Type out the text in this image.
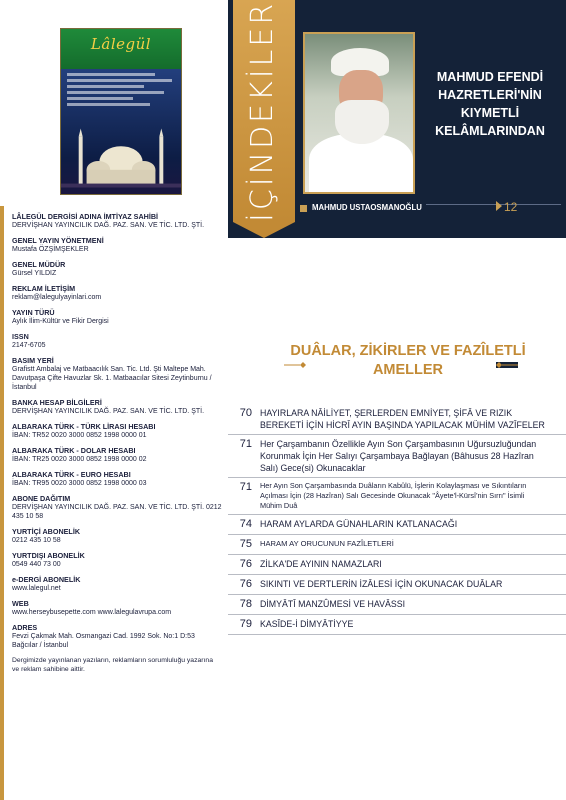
Lâlegül
LÂLEGÜL DERGİSİ ADINA İMTİYAZ SAHİBİ
DERVİŞHAN YAYINCILIK DAĞ. PAZ. SAN. VE TİC. LTD. ŞTİ.
GENEL YAYIN YÖNETMENİ
Mustafa ÖZŞİMŞEKLER
GENEL MÜDÜR
Gürsel YILDIZ
REKLAM İLETİŞİM
reklam@lalegulyayinlari.com
YAYIN TÜRÜ
Aylık İlim-Kültür ve Fikir Dergisi
ISSN
2147-6705
BASIM YERİ
Grafistt Ambalaj ve Matbaacılık San. Tic. Ltd. Şti Maltepe Mah. Davutpaşa Çifte Havuzlar Sk. 1. Matbaacılar Sitesi Zeytinburnu / İstanbul
BANKA HESAP BİLGİLERİ
DERVİŞHAN YAYINCILIK DAĞ. PAZ. SAN. VE TİC. LTD. ŞTİ.
ALBARAKA TÜRK - TÜRK LİRASI HESABI
İBAN: TR52 0020 3000 0852 1998 0000 01
ALBARAKA TÜRK - DOLAR HESABI
İBAN: TR25 0020 3000 0852 1998 0000 02
ALBARAKA TÜRK - EURO HESABI
İBAN: TR95 0020 3000 0852 1998 0000 03
ABONE DAĞITIM
DERVİŞHAN YAYINCILIK DAĞ. PAZ. SAN. VE TİC. LTD. ŞTİ. 0212 435 10 58
YURTİÇİ ABONELİK
0212 435 10 58
YURTDIŞI ABONELİK
0549 440 73 00
e-DERGİ ABONELİK
www.lalegul.net
WEB
www.herseybusepette.com www.lalegulavrupa.com
ADRES
Fevzi Çakmak Mah. Osmangazi Cad. 1992 Sok. No:1 D:53 Bağcılar / İstanbul
Dergimizde yayınlanan yazıların, reklamların sorumluluğu yazarına ve reklam sahibine aittir.
İÇİNDEKİLER	MAHMUD EFENDİ HAZRETLERİ'NİN KIYMETLİ KELÂMLARINDAN
MAHMUD USTAOSMANOĞLU	12
DUÂLAR, ZİKİRLER VE FAZÎLETLİ AMELLER
70 HAYIRLARA NÂİLİYET, ŞERLERDEN EMNİYET, ŞİFÂ VE RIZIK BEREKETİ İÇİN HİCRÎ AYIN BAŞINDA YAPILACAK MÜHİM VAZÎFELER
71 Her Çarşambanın Özellikle Ayın Son Çarşambasının Uğursuzluğundan Korunmak İçin Her Salıyı Çarşambaya Bağlayan (Bâhusus 28 Hazîran Salı) Gece(si) Okunacaklar
71	Her Ayın Son Çarşambasında Duâların Kabûlü, İşlerin Kolaylaşması ve Sıkıntıların Açılması İçin (28 Hazîran) Salı Gecesinde Okunacak "Âyete'l-Kürsî'nin Sırrı" İsimli Mühim Duâ
74 HARAM AYLARDA GÜNAHLARIN KATLANACAĞI
75	HARAM AY ORUCUNUN FAZÎLETLERİ
76 ZİLKA'DE AYININ NAMAZLARI
76 SIKINTI VE DERTLERİN İZÂLESİ İÇİN OKUNACAK DUÂLAR
78 DİMYÂTÎ MANZÛMESİ VE HAVÂSSI
79 KASÎDE-İ DİMYÂTİYYE
